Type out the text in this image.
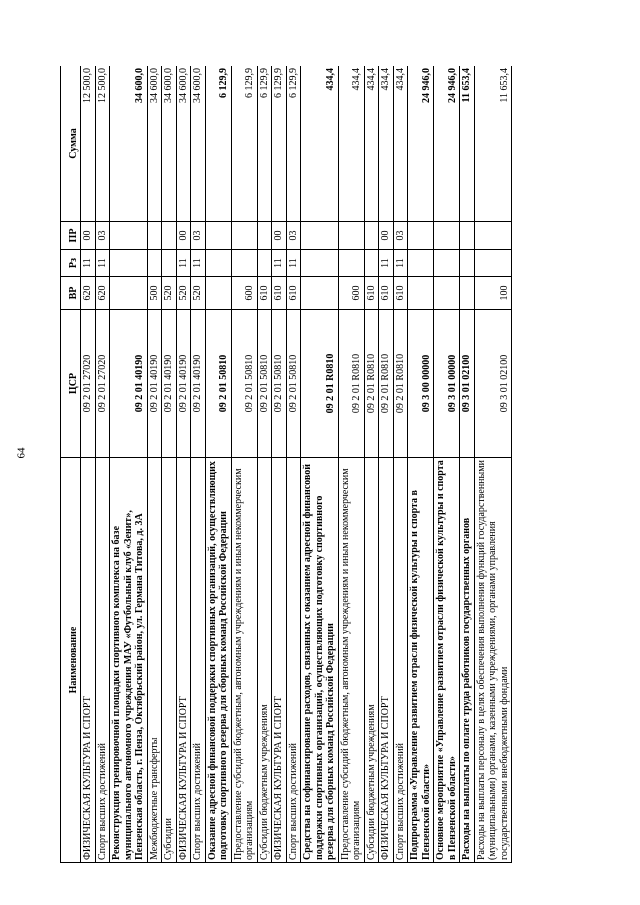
64
Наименование	ЦСР	ВР	Рз	ПР	Сумма
ФИЗИЧЕСКАЯ КУЛЬТУРА И СПОРТ	09 2 01 27020	620	11	00	12 500,0
Спорт высших достижений	09 2 01 27020	620	11	03	12 500,0
Реконструкция тренировочной площадки спортивного комплекса на базе муниципального автономного учреждения МАУ «Футбольный клуб «Зенит», Пензенская область, г. Пенза, Октябрьский район, ул. Германа Титова, д. 3А	09 2 01 40190				34 600,0
Межбюджетные трансферты	09 2 01 40190	500			34 600,0
Субсидии	09 2 01 40190	520			34 600,0
ФИЗИЧЕСКАЯ КУЛЬТУРА И СПОРТ	09 2 01 40190	520	11	00	34 600,0
Спорт высших достижений	09 2 01 40190	520	11	03	34 600,0
Оказание адресной финансовой поддержки спортивных организаций, осуществляющих подготовку спортивного резерва для сборных команд Российской Федерации	09 2 01 50810				6 129,9
Предоставление субсидий бюджетным, автономным учреждениям и иным некоммерческим организациям	09 2 01 50810	600			6 129,9
Субсидии бюджетным учреждениям	09 2 01 50810	610			6 129,9
ФИЗИЧЕСКАЯ КУЛЬТУРА И СПОРТ	09 2 01 50810	610	11	00	6 129,9
Спорт высших достижений	09 2 01 50810	610	11	03	6 129,9
Средства на софинансирование расходов, связанных с оказанием адресной финансовой поддержки спортивных организаций, осуществляющих подготовку спортивного резерва для сборных команд Российской Федерации	09 2 01 R0810				434,4
Предоставление субсидий бюджетным, автономным учреждениям и иным некоммерческим организациям	09 2 01 R0810	600			434,4
Субсидии бюджетным учреждениям	09 2 01 R0810	610			434,4
ФИЗИЧЕСКАЯ КУЛЬТУРА И СПОРТ	09 2 01 R0810	610	11	00	434,4
Спорт высших достижений	09 2 01 R0810	610	11	03	434,4
Подпрограмма «Управление развитием отрасли физической культуры и спорта в Пензенской области»	09 3 00 00000				24 946,0
Основное мероприятие «Управление развитием отрасли физической культуры и спорта в Пензенской области»	09 3 01 00000				24 946,0
Расходы на выплаты по оплате труда работников государственных органов	09 3 01 02100				11 653,4
Расходы на выплаты персоналу в целях обеспечения выполнения функций государственными (муниципальными) органами, казенными учреждениями, органами управления государственными внебюджетными фондами	09 3 01 02100	100			11 653,4
